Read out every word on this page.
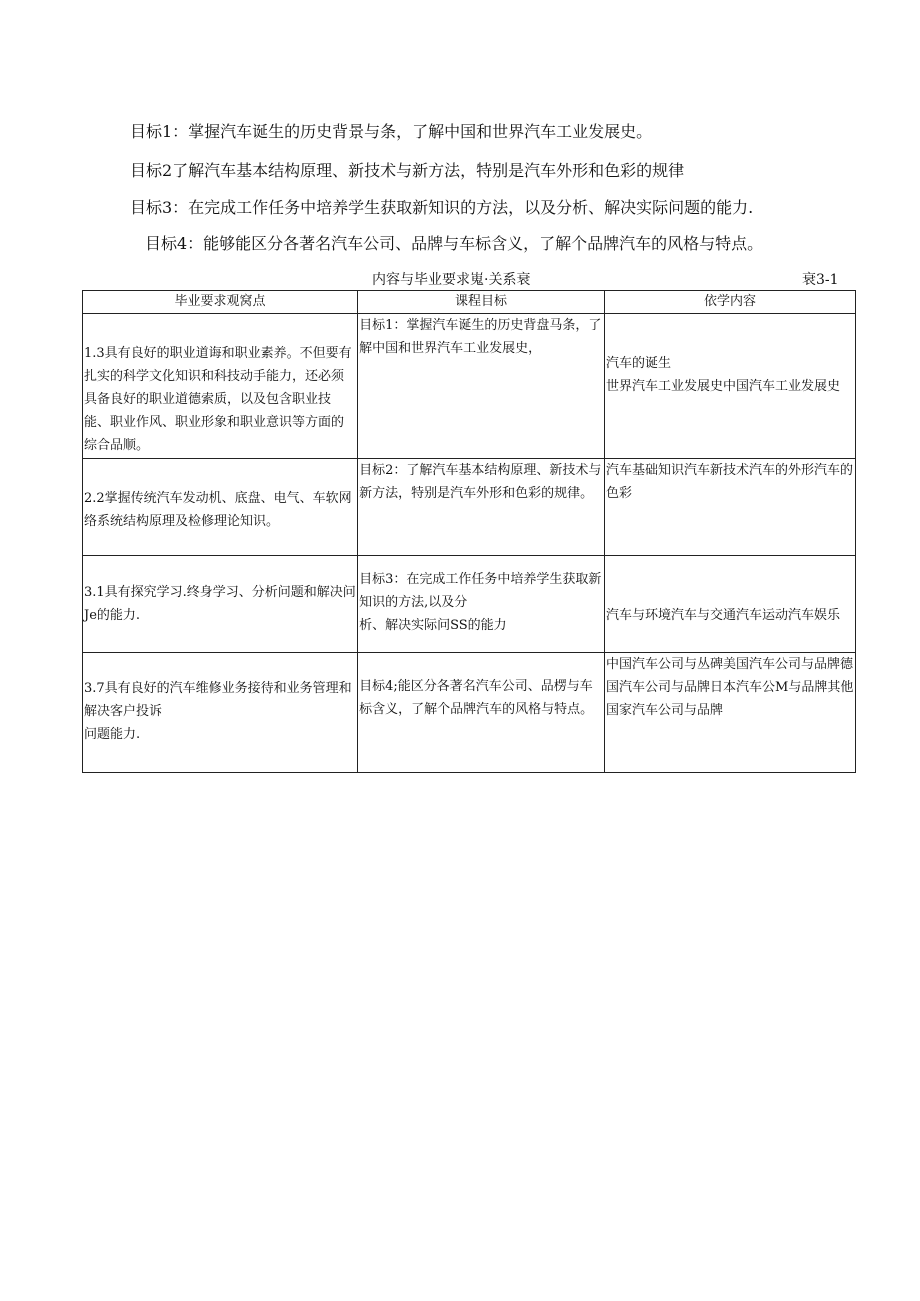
目标1：掌握汽车诞生的历史背景与条，了解中国和世界汽车工业发展史。
目标2了解汽车基本结构原理、新技术与新方法，特别是汽车外形和色彩的规律
目标3：在完成工作任务中培养学生获取新知识的方法，以及分析、解决实际问题的能力.
目标4：能够能区分各著名汽车公司、品牌与车标含义，了解个品牌汽车的风格与特点。
内容与毕业要求嵬·关系衰	衰3-1
毕业要求观窝点	课程目标	依学内容
1.3具有良好的职业道诲和职业素养。不但要有扎实的科学文化知识和科技动手能力，还必须具备良好的职业道德索质，以及包含职业技能、职业作风、职业形象和职业意识等方面的综合品顺。	目标1：掌握汽车诞生的历史背盘马条，了解中国和世界汽车工业发展史，	汽车的诞生
世界汽车工业发展史中国汽车工业发展史

2.2掌握传统汽车发动机、底盘、电气、车软网络系统结构原理及检修理论知识。	目标2：了解汽车基本结构原理、新技术与新方法，特别是汽车外形和色彩的规律。	汽车基础知识汽车新技术汽车的外形汽车的色彩

3.1具有探究学习.终身学习、分析问题和解决问Je的能力.	目标3：在完成工作任务中培养学生获取新知识的方法,以及分
析、解决实际问SS的能力	汽车与环境汽车与交通汽车运动汽车娱乐

3.7具有良好的汽车维修业务接待和业务管理和解决客户投诉
问题能力.	目标4;能区分各著名汽车公司、品楞与车标含义，了解个品牌汽车的风格与特点。	中国汽车公司与丛碑美国汽车公司与品牌德国汽车公司与品牌日本汽车公M与品牌其他国家汽车公司与品牌
